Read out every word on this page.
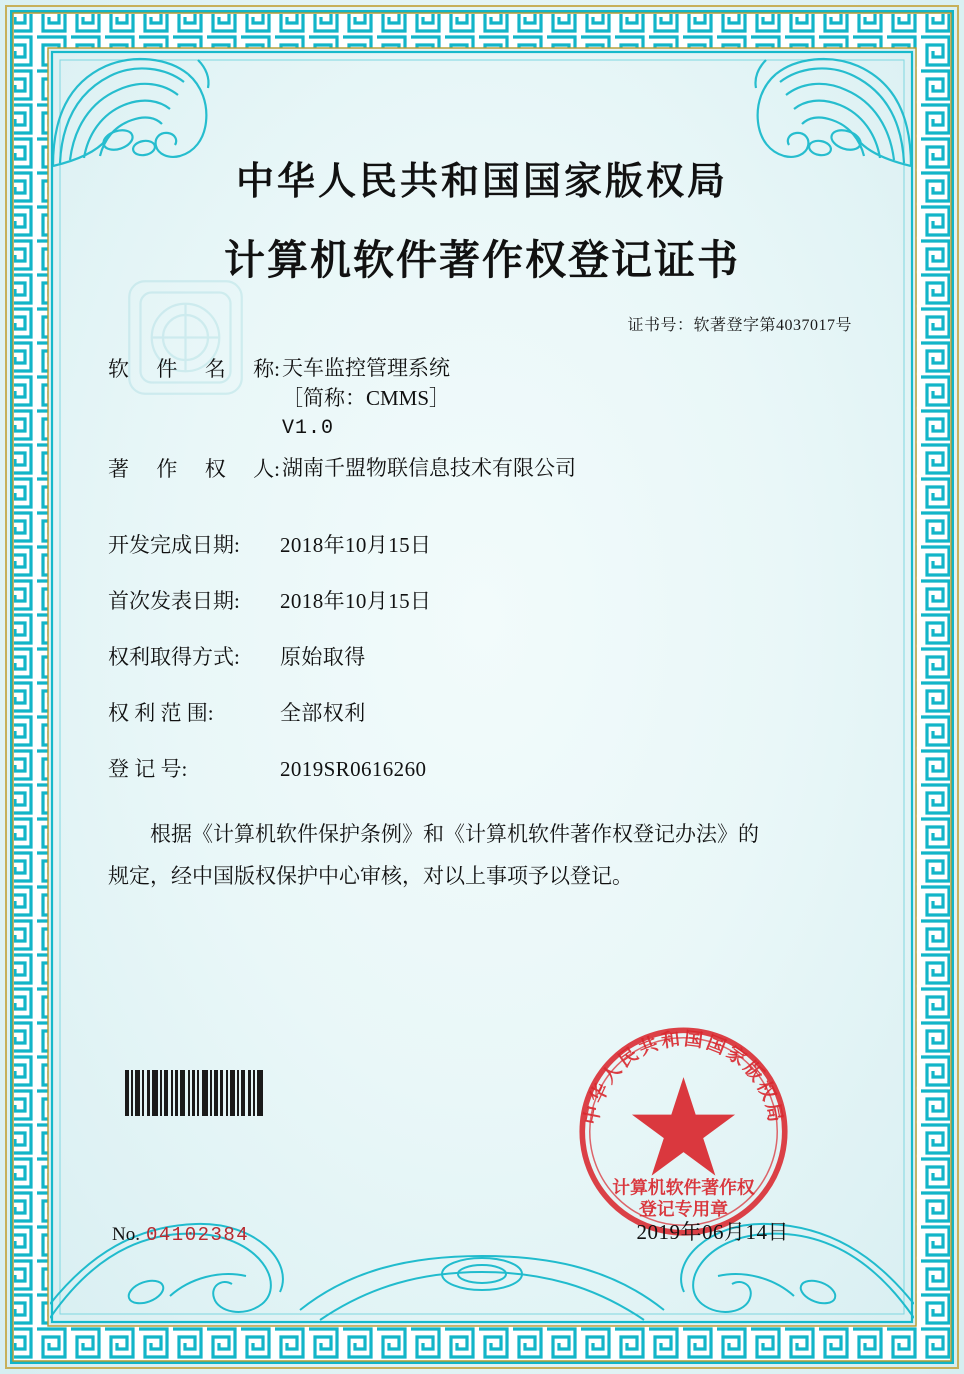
中华人民共和国国家版权局
计算机软件著作权登记证书
证书号：软著登字第4037017号
软 件 名 称: 天车监控管理系统
［简称：CMMS］
V1.0
著 作 权 人: 湖南千盟物联信息技术有限公司
开发完成日期:	2018年10月15日
首次发表日期:	2018年10月15日
权利取得方式:	原始取得
权 利 范 围:	全部权利
登 记 号:	2019SR0616260
根据《计算机软件保护条例》和《计算机软件著作权登记办法》的
规定，经中国版权保护中心审核，对以上事项予以登记。
中华人民共和国国家版权局
计算机软件著作权
登记专用章
No. 04102384	2019年06月14日
